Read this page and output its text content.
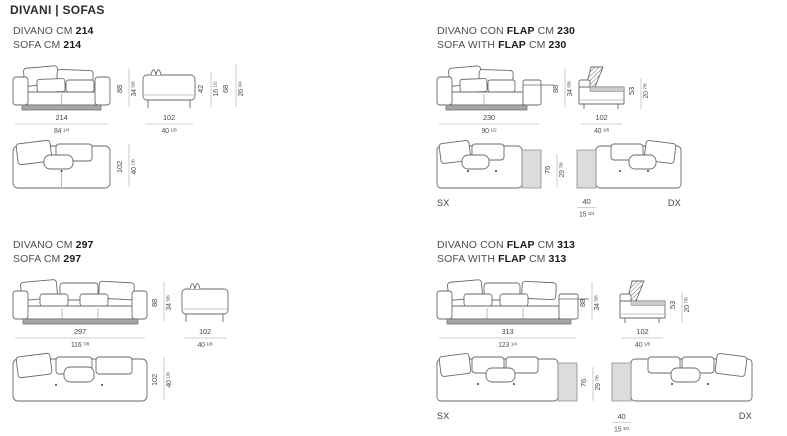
DIVANI | SOFAS
DIVANO CM 214
SOFA CM 214
88 $34^{5/8}$
42 $16^{1/2}$
68 $26^{3/4}$
214
84 $^{1/4}$
102
40 $^{1/8}$
102 $40^{1/8}$
DIVANO CON FLAP CM 230
SOFA WITH FLAP CM 230
88 $34^{5/8}$
53 $20^{7/8}$
230
90 $^{1/2}$
102
40 $^{1/8}$
76 $29^{7/8}$
SX	DX
40
15 $^{3/4}$
DIVANO CM 297
SOFA CM 297
88 $34^{5/8}$
297
116 $^{7/8}$
102
40 $^{1/8}$
102 $40^{1/8}$
DIVANO CON FLAP CM 313
SOFA WITH FLAP CM 313
88 $34^{5/8}$
53 $20^{7/8}$
313
123 $^{1/4}$
102
40 $^{1/8}$
76 $29^{7/8}$
SX	DX
40
15 $^{3/4}$
